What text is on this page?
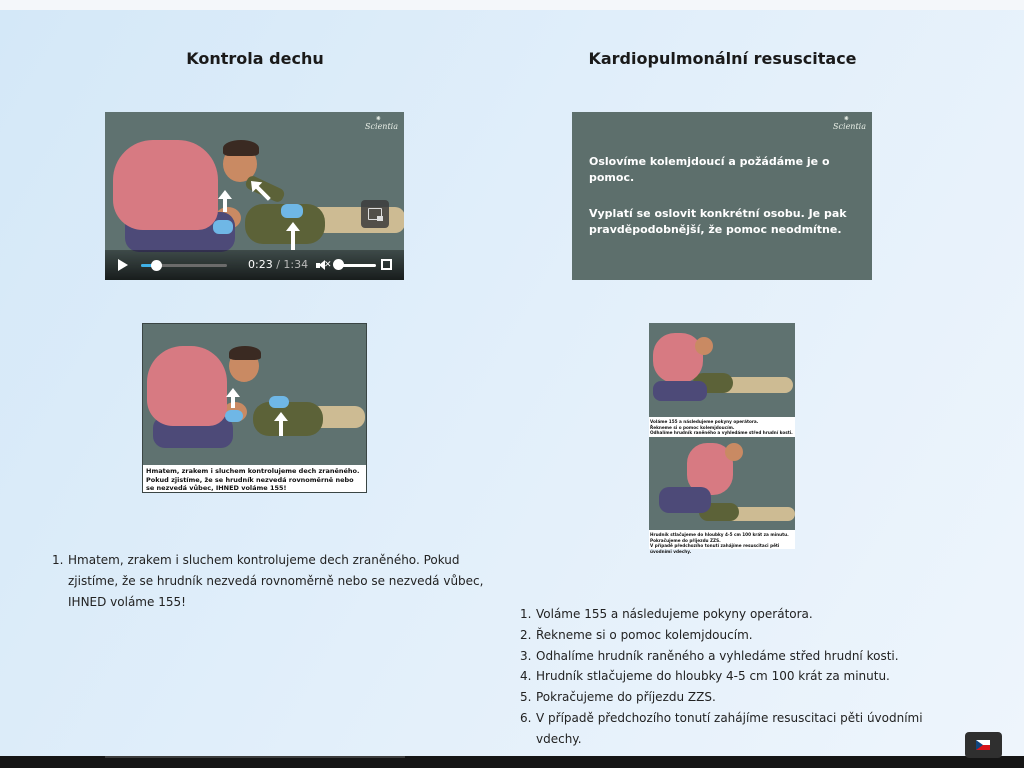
Kontrola dechu
⁕ Scientia
0:23 / 1:34 ✕

Hmatem, zrakem i sluchem kontrolujeme dech zraněného.
Pokud zjistíme, že se hrudník nezvedá rovnoměrně nebo se nezvedá vůbec, IHNED voláme 155!

1. Hmatem, zrakem i sluchem kontrolujeme dech zraněného. Pokud zjistíme, že se hrudník nezvedá rovnoměrně nebo se nezvedá vůbec, IHNED voláme 155!
Kardiopulmonální resuscitace
⁕ Scientia

Oslovíme kolemjdoucí a požádáme je o pomoc.

Vyplatí se oslovit konkrétní osobu. Je pak pravděpodobnější, že pomoc neodmítne.

Voláme 155 a následujeme pokyny operátora.
Řekneme si o pomoc kolemjdoucím.
Odhalíme hrudník raněného a vyhledáme střed hrudní kosti.

Hrudník stlačujeme do hloubky 4-5 cm 100 krát za minutu.
Pokračujeme do příjezdu ZZS.
V případě předchozího tonutí zahájíme resuscitaci pěti úvodními vdechy.

1. Voláme 155 a následujeme pokyny operátora.
2. Řekneme si o pomoc kolemjdoucím.
3. Odhalíme hrudník raněného a vyhledáme střed hrudní kosti.
4. Hrudník stlačujeme do hloubky 4-5 cm 100 krát za minutu.
5. Pokračujeme do příjezdu ZZS.
6. V případě předchozího tonutí zahájíme resuscitaci pěti úvodními vdechy.
